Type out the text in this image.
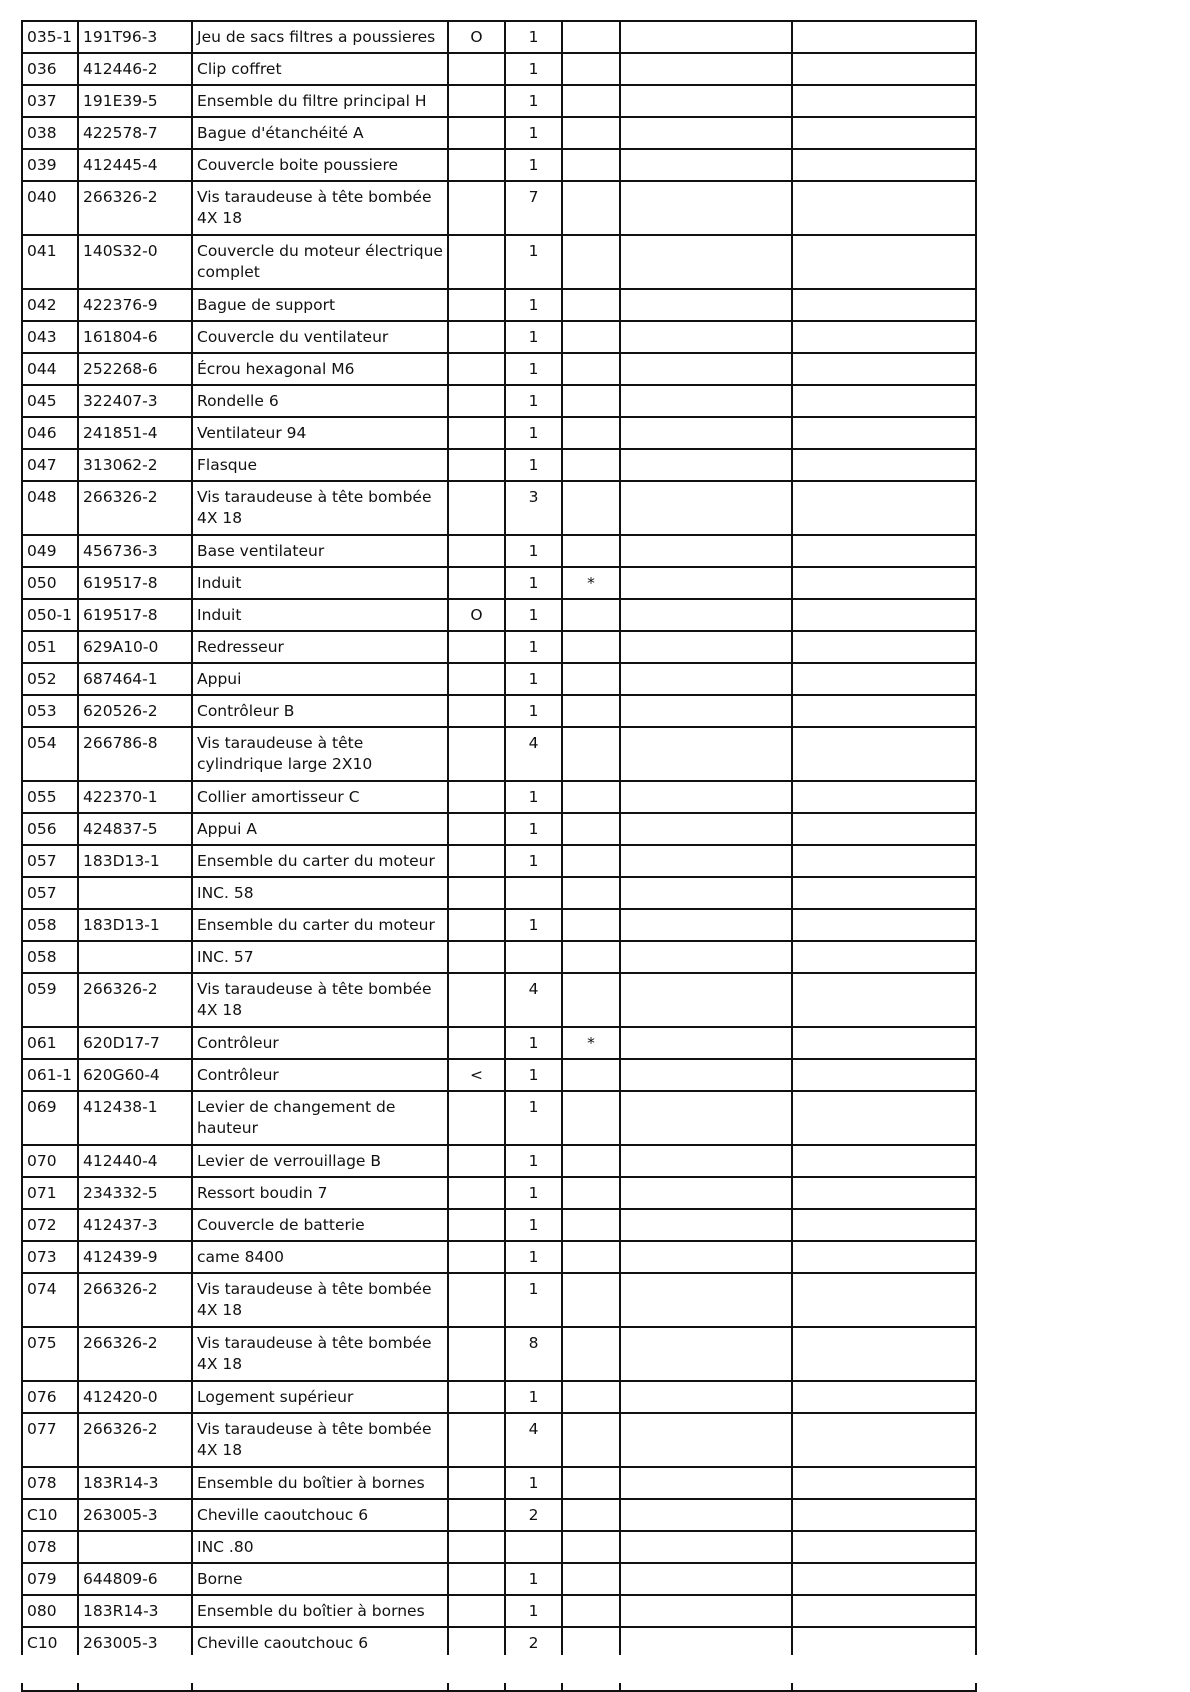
035-1	191T96-3	Jeu de sacs filtres a poussieres	O	1			
036	412446-2	Clip coffret		1			
037	191E39-5	Ensemble du filtre principal H		1			
038	422578-7	Bague d'étanchéité A		1			
039	412445-4	Couvercle boite poussiere		1			
040	266326-2	Vis taraudeuse à tête bombée 4X 18		7			
041	140S32-0	Couvercle du moteur électrique complet		1			
042	422376-9	Bague de support		1			
043	161804-6	Couvercle du ventilateur		1			
044	252268-6	Écrou hexagonal M6		1			
045	322407-3	Rondelle 6		1			
046	241851-4	Ventilateur 94		1			
047	313062-2	Flasque		1			
048	266326-2	Vis taraudeuse à tête bombée 4X 18		3			
049	456736-3	Base ventilateur		1			
050	619517-8	Induit		1	*		
050-1	619517-8	Induit	O	1			
051	629A10-0	Redresseur		1			
052	687464-1	Appui		1			
053	620526-2	Contrôleur B		1			
054	266786-8	Vis taraudeuse à tête cylindrique large 2X10		4			
055	422370-1	Collier amortisseur C		1			
056	424837-5	Appui A		1			
057	183D13-1	Ensemble du carter du moteur		1			
057		INC. 58					
058	183D13-1	Ensemble du carter du moteur		1			
058		INC. 57					
059	266326-2	Vis taraudeuse à tête bombée 4X 18		4			
061	620D17-7	Contrôleur		1	*		
061-1	620G60-4	Contrôleur	<	1			
069	412438-1	Levier de changement de hauteur		1			
070	412440-4	Levier de verrouillage B		1			
071	234332-5	Ressort boudin 7		1			
072	412437-3	Couvercle de batterie		1			
073	412439-9	came 8400		1			
074	266326-2	Vis taraudeuse à tête bombée 4X 18		1			
075	266326-2	Vis taraudeuse à tête bombée 4X 18		8			
076	412420-0	Logement supérieur		1			
077	266326-2	Vis taraudeuse à tête bombée 4X 18		4			
078	183R14-3	Ensemble du boîtier à bornes		1			
C10	263005-3	Cheville caoutchouc 6		2			
078		INC .80					
079	644809-6	Borne		1			
080	183R14-3	Ensemble du boîtier à bornes		1			
C10	263005-3	Cheville caoutchouc 6		2			
